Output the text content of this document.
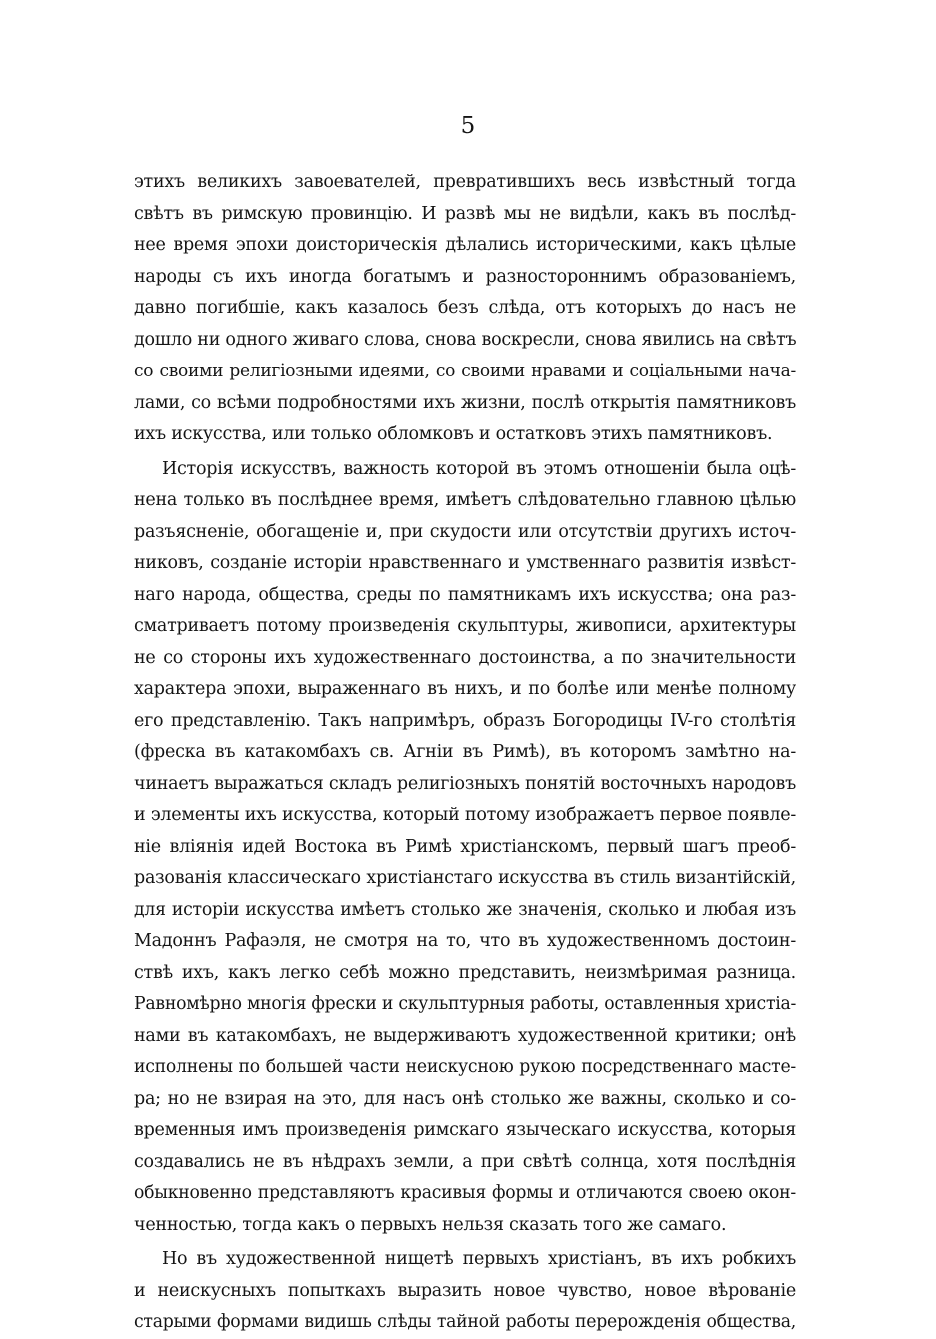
5
этихъ великихъ завоевателей, превратившихъ весь извѣстный тогда
свѣтъ въ римскую провинцію. И развѣ мы не видѣли, какъ въ послѣд-
нее время эпохи доисторическія дѣлались историческими, какъ цѣлые
народы съ ихъ иногда богатымъ и разностороннимъ образованіемъ,
давно погибшіе, какъ казалось безъ слѣда, отъ которыхъ до насъ не
дошло ни одного живаго слова, снова воскресли, снова явились на свѣтъ
со своими религіозными идеями, со своими нравами и соціальными нача-
лами, со всѣми подробностями ихъ жизни, послѣ открытія памятниковъ
ихъ искусства, или только обломковъ и остатковъ этихъ памятниковъ.
Исторія искусствъ, важность которой въ этомъ отношеніи была оцѣ-
нена только въ послѣднее время, имѣетъ слѣдовательно главною цѣлью
разъясненіе, обогащеніе и, при скудости или отсутствіи другихъ источ-
никовъ, созданіе исторіи нравственнаго и умственнаго развитія извѣст-
наго народа, общества, среды по памятникамъ ихъ искусства; она раз-
сматриваетъ потому произведенія скульптуры, живописи, архитектуры
не со стороны ихъ художественнаго достоинства, а по значительности
характера эпохи, выраженнаго въ нихъ, и по болѣе или менѣе полному
его представленію. Такъ напримѣръ, образъ Богородицы IV-го столѣтія
(фреска въ катакомбахъ св. Агніи въ Римѣ), въ которомъ замѣтно на-
чинаетъ выражаться складъ религіозныхъ понятій восточныхъ народовъ
и элементы ихъ искусства, который потому изображаетъ первое появле-
ніе вліянія идей Востока въ Римѣ христіанскомъ, первый шагъ преоб-
разованія классическаго христіанстаго искусства въ стиль византійскій,
для исторіи искусства имѣетъ столько же значенія, сколько и любая изъ
Мадоннъ Рафаэля, не смотря на то, что въ художественномъ достоин-
ствѣ ихъ, какъ легко себѣ можно представить, неизмѣримая разница.
Равномѣрно многія фрески и скульптурныя работы, оставленныя христіа-
нами въ катакомбахъ, не выдерживаютъ художественной критики; онѣ
исполнены по большей части неискусною рукою посредственнаго масте-
ра; но не взирая на это, для насъ онѣ столько же важны, сколько и со-
временныя имъ произведенія римскаго языческаго искусства, которыя
создавались не въ нѣдрахъ земли, а при свѣтѣ солнца, хотя послѣднія
обыкновенно представляютъ красивыя формы и отличаются своею окон-
ченностью, тогда какъ о первыхъ нельзя сказать того же самаго.
Но въ художественной нищетѣ первыхъ христіанъ, въ ихъ робкихъ
и неискусныхъ попыткахъ выразить новое чувство, новое вѣрованіе
старыми формами видишь слѣды тайной работы перерожденія общества,
